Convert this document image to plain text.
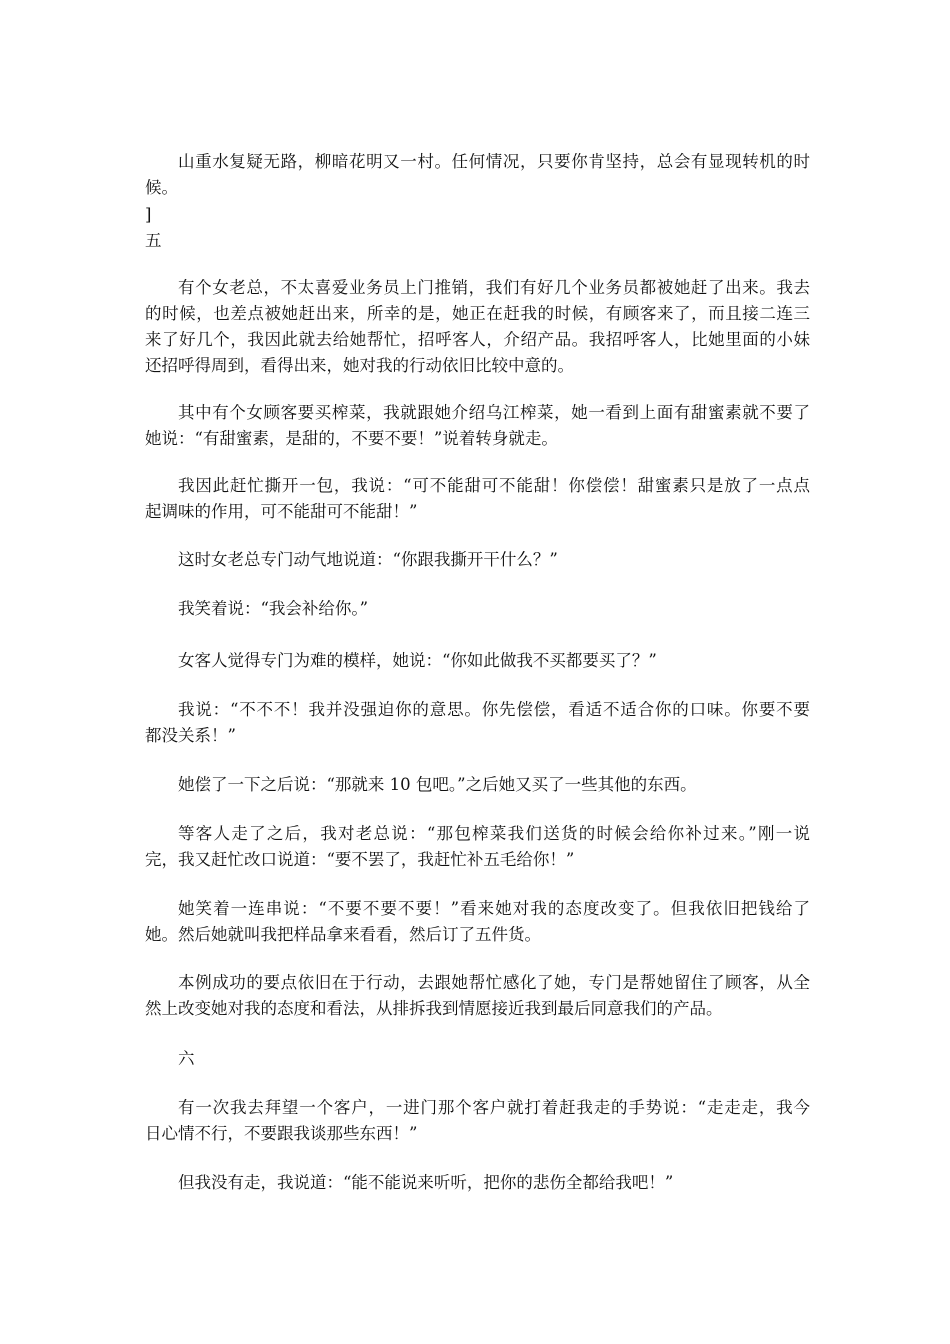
山重水复疑无路，柳暗花明又一村。任何情况，只要你肯坚持，总会有显现转机的时
候。
]
五
有个女老总，不太喜爱业务员上门推销，我们有好几个业务员都被她赶了出来。我去
的时候，也差点被她赶出来，所幸的是，她正在赶我的时候，有顾客来了，而且接二连三
来了好几个，我因此就去给她帮忙，招呼客人，介绍产品。我招呼客人，比她里面的小妹
还招呼得周到，看得出来，她对我的行动依旧比较中意的。
其中有个女顾客要买榨菜，我就跟她介绍乌江榨菜，她一看到上面有甜蜜素就不要了
她说：“有甜蜜素，是甜的，不要不要！”说着转身就走。
我因此赶忙撕开一包，我说：“可不能甜可不能甜！你偿偿！甜蜜素只是放了一点点
起调味的作用，可不能甜可不能甜！”
这时女老总专门动气地说道：“你跟我撕开干什么？”
我笑着说：“我会补给你。”
女客人觉得专门为难的模样，她说：“你如此做我不买都要买了？”
我说：“不不不！我并没强迫你的意思。你先偿偿，看适不适合你的口味。你要不要
都没关系！”
她偿了一下之后说：“那就来 10 包吧。”之后她又买了一些其他的东西。
等客人走了之后，我对老总说：“那包榨菜我们送货的时候会给你补过来。”刚一说
完，我又赶忙改口说道：“要不罢了，我赶忙补五毛给你！”
她笑着一连串说：“不要不要不要！”看来她对我的态度改变了。但我依旧把钱给了
她。然后她就叫我把样品拿来看看，然后订了五件货。
本例成功的要点依旧在于行动，去跟她帮忙感化了她，专门是帮她留住了顾客，从全
然上改变她对我的态度和看法，从排拆我到情愿接近我到最后同意我们的产品。
六
有一次我去拜望一个客户，一进门那个客户就打着赶我走的手势说：“走走走，我今
日心情不行，不要跟我谈那些东西！”
但我没有走，我说道：“能不能说来听听，把你的悲伤全都给我吧！”
